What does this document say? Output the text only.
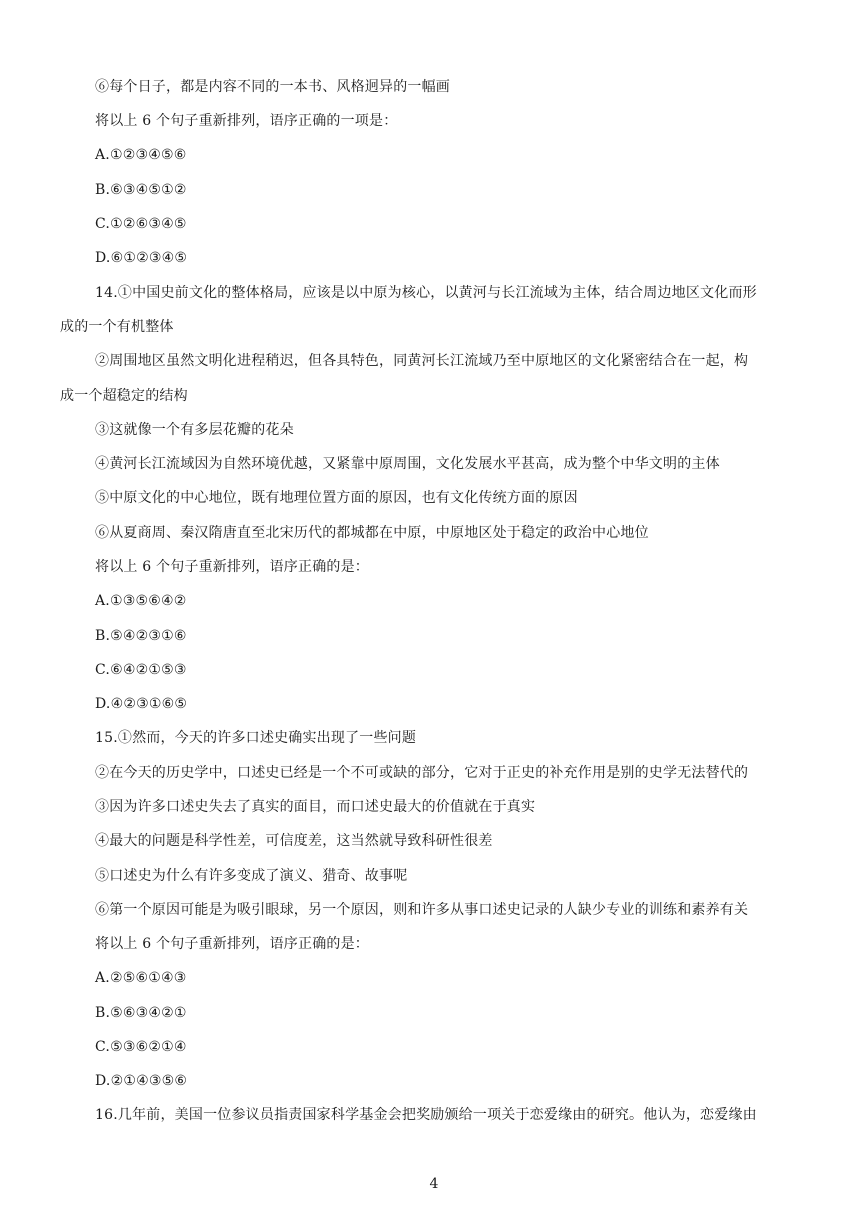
⑥每个日子，都是内容不同的一本书、风格迥异的一幅画
将以上 6 个句子重新排列，语序正确的一项是：
A.①②③④⑤⑥
B.⑥③④⑤①②
C.①②⑥③④⑤
D.⑥①②③④⑤
14.①中国史前文化的整体格局，应该是以中原为核心，以黄河与长江流域为主体，结合周边地区文化而形
成的一个有机整体
②周围地区虽然文明化进程稍迟，但各具特色，同黄河长江流域乃至中原地区的文化紧密结合在一起，构
成一个超稳定的结构
③这就像一个有多层花瓣的花朵
④黄河长江流域因为自然环境优越，又紧靠中原周围，文化发展水平甚高，成为整个中华文明的主体
⑤中原文化的中心地位，既有地理位置方面的原因，也有文化传统方面的原因
⑥从夏商周、秦汉隋唐直至北宋历代的都城都在中原，中原地区处于稳定的政治中心地位
将以上 6 个句子重新排列，语序正确的是：
A.①③⑤⑥④②
B.⑤④②③①⑥
C.⑥④②①⑤③
D.④②③①⑥⑤
15.①然而，今天的许多口述史确实出现了一些问题
②在今天的历史学中，口述史已经是一个不可或缺的部分，它对于正史的补充作用是别的史学无法替代的
③因为许多口述史失去了真实的面目，而口述史最大的价值就在于真实
④最大的问题是科学性差，可信度差，这当然就导致科研性很差
⑤口述史为什么有许多变成了演义、猎奇、故事呢
⑥第一个原因可能是为吸引眼球，另一个原因，则和许多从事口述史记录的人缺少专业的训练和素养有关
将以上 6 个句子重新排列，语序正确的是：
A.②⑤⑥①④③
B.⑤⑥③④②①
C.⑤③⑥②①④
D.②①④③⑤⑥
16.几年前，美国一位参议员指责国家科学基金会把奖励颁给一项关于恋爱缘由的研究。他认为，恋爱缘由
4
